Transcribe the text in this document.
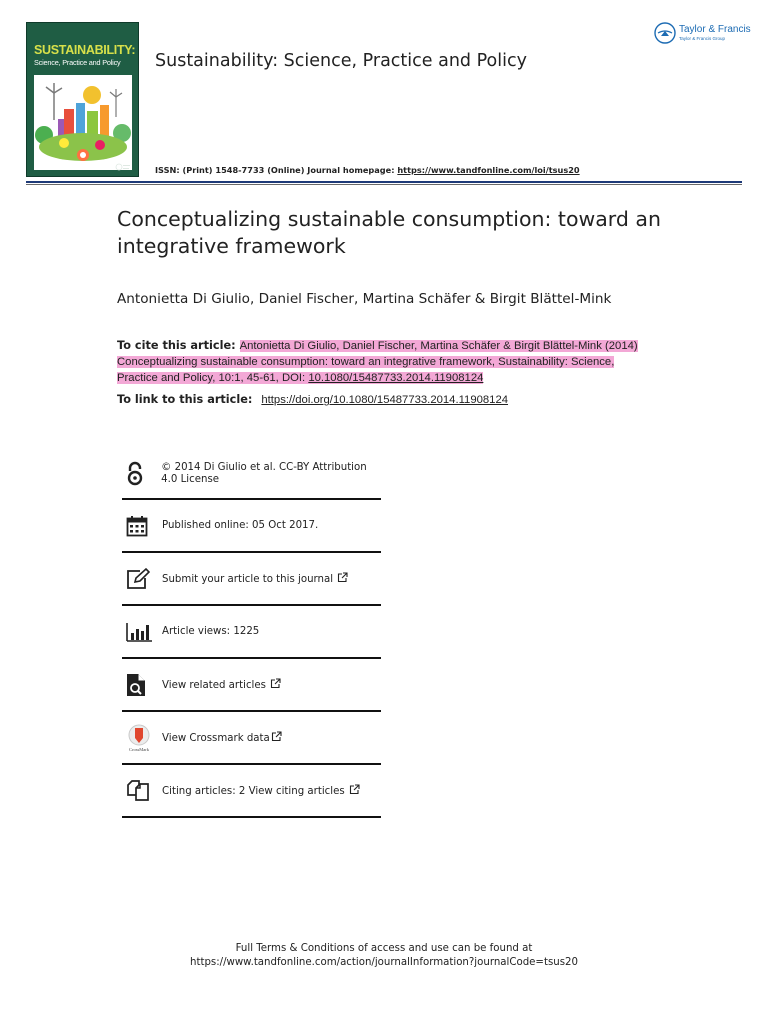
SUSTAINABILITY:
Science, Practice and Policy	Sustainability: Science, Practice and Policy
Taylor & Francis
Taylor & Francis Group
ISSN: (Print) 1548-7733 (Online) Journal homepage: https://www.tandfonline.com/loi/tsus20
Conceptualizing sustainable consumption: toward an integrative framework
Antonietta Di Giulio, Daniel Fischer, Martina Schäfer & Birgit Blättel-Mink
To cite this article: Antonietta Di Giulio, Daniel Fischer, Martina Schäfer & Birgit Blättel-Mink (2014) Conceptualizing sustainable consumption: toward an integrative framework, Sustainability: Science, Practice and Policy, 10:1, 45-61, DOI: 10.1080/15487733.2014.11908124
To link to this article: https://doi.org/10.1080/15487733.2014.11908124
© 2014 Di Giulio et al. CC-BY Attribution 4.0 License
Published online: 05 Oct 2017.
Submit your article to this journal
Article views: 1225
View related articles
CrossMark
View Crossmark data
Citing articles: 2 View citing articles
Full Terms & Conditions of access and use can be found at
https://www.tandfonline.com/action/journalInformation?journalCode=tsus20
